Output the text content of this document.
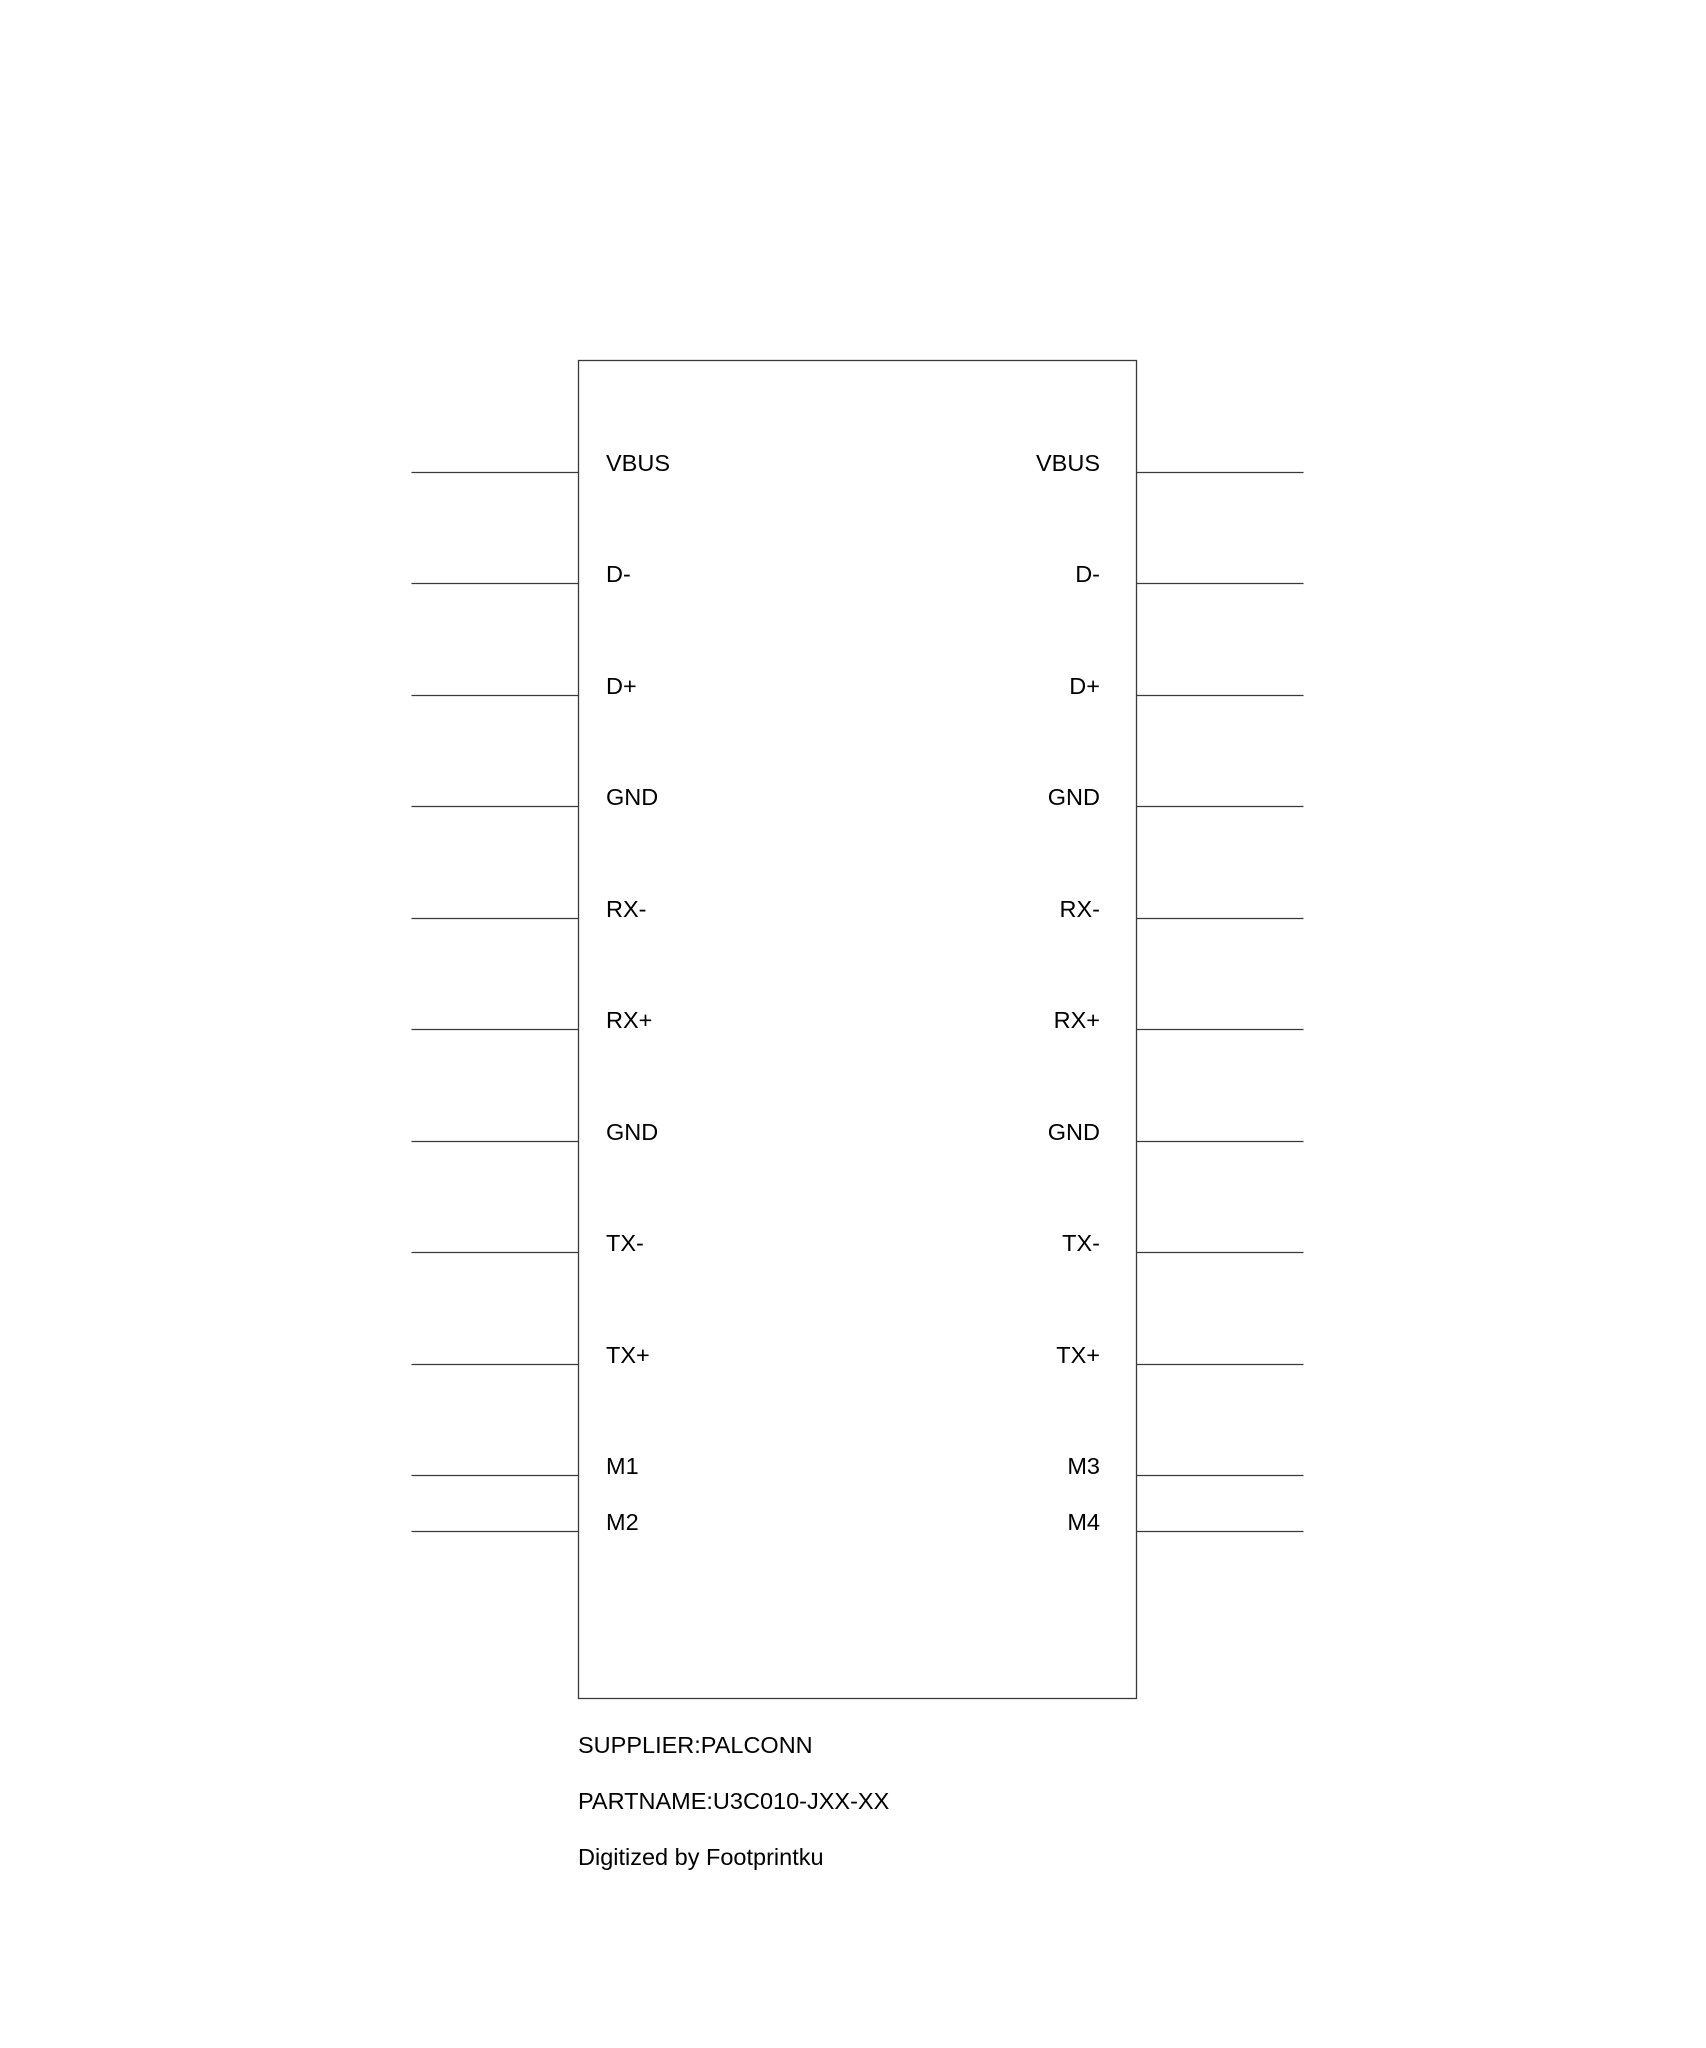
VBUS
D-
D+
GND
RX-
RX+
GND
TX-
TX+
M1
M2
VBUS
D-
D+
GND
RX-
RX+
GND
TX-
TX+
M3
M4

SUPPLIER:PALCONN

PARTNAME:U3C010-JXX-XX

Digitized by Footprintku
